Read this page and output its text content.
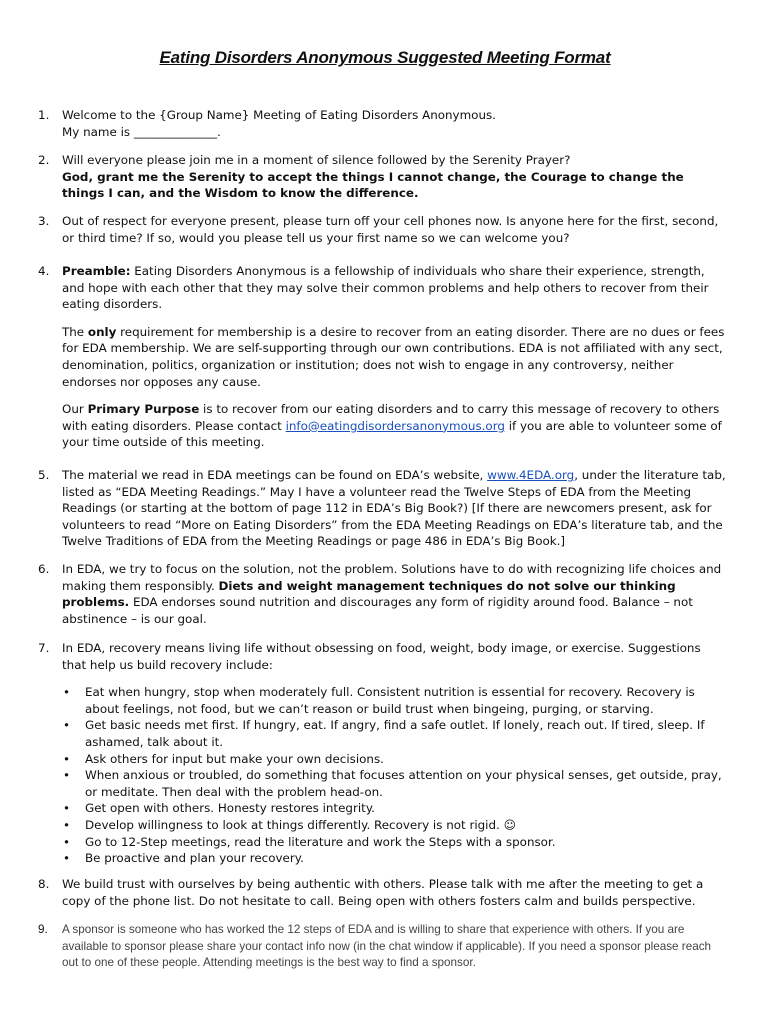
Eating Disorders Anonymous Suggested Meeting Format
1.	Welcome to the {Group Name} Meeting of Eating Disorders Anonymous.

My name is ______________.

2.	Will everyone please join me in a moment of silence followed by the Serenity Prayer?

God, grant me the Serenity to accept the things I cannot change, the Courage to change the things I can, and the Wisdom to know the difference.

3.	Out of respect for everyone present, please turn off your cell phones now. Is anyone here for the first, second, or third time? If so, would you please tell us your first name so we can welcome you?

4.	Preamble: Eating Disorders Anonymous is a fellowship of individuals who share their experience, strength, and hope with each other that they may solve their common problems and help others to recover from their eating disorders.

The only requirement for membership is a desire to recover from an eating disorder. There are no dues or fees for EDA membership. We are self-supporting through our own contributions. EDA is not affiliated with any sect, denomination, politics, organization or institution; does not wish to engage in any controversy, neither endorses nor opposes any cause.

Our Primary Purpose is to recover from our eating disorders and to carry this message of recovery to others with eating disorders. Please contact info@eatingdisordersanonymous.org if you are able to volunteer some of your time outside of this meeting.

5.	The material we read in EDA meetings can be found on EDA’s website, www.4EDA.org, under the literature tab, listed as “EDA Meeting Readings.” May I have a volunteer read the Twelve Steps of EDA from the Meeting Readings (or starting at the bottom of page 112 in EDA’s Big Book?) [If there are newcomers present, ask for volunteers to read “More on Eating Disorders” from the EDA Meeting Readings on EDA’s literature tab, and the Twelve Traditions of EDA from the Meeting Readings or page 486 in EDA’s Big Book.]

6.	In EDA, we try to focus on the solution, not the problem. Solutions have to do with recognizing life choices and making them responsibly. Diets and weight management techniques do not solve our thinking problems. EDA endorses sound nutrition and discourages any form of rigidity around food. Balance – not abstinence – is our goal.

7.	In EDA, recovery means living life without obsessing on food, weight, body image, or exercise. Suggestions that help us build recovery include:

• Eat when hungry, stop when moderately full. Consistent nutrition is essential for recovery. Recovery is about feelings, not food, but we can’t reason or build trust when bingeing, purging, or starving.
• Get basic needs met first. If hungry, eat. If angry, find a safe outlet. If lonely, reach out. If tired, sleep. If ashamed, talk about it.
• Ask others for input but make your own decisions.
• When anxious or troubled, do something that focuses attention on your physical senses, get outside, pray, or meditate. Then deal with the problem head-on.
• Get open with others. Honesty restores integrity.
• Develop willingness to look at things differently. Recovery is not rigid. ☺
• Go to 12-Step meetings, read the literature and work the Steps with a sponsor.
• Be proactive and plan your recovery.
8.	We build trust with ourselves by being authentic with others. Please talk with me after the meeting to get a copy of the phone list. Do not hesitate to call. Being open with others fosters calm and builds perspective.

9.	A sponsor is someone who has worked the 12 steps of EDA and is willing to share that experience with others. If you are available to sponsor please share your contact info now (in the chat window if applicable). If you need a sponsor please reach out to one of these people. Attending meetings is the best way to find a sponsor.
